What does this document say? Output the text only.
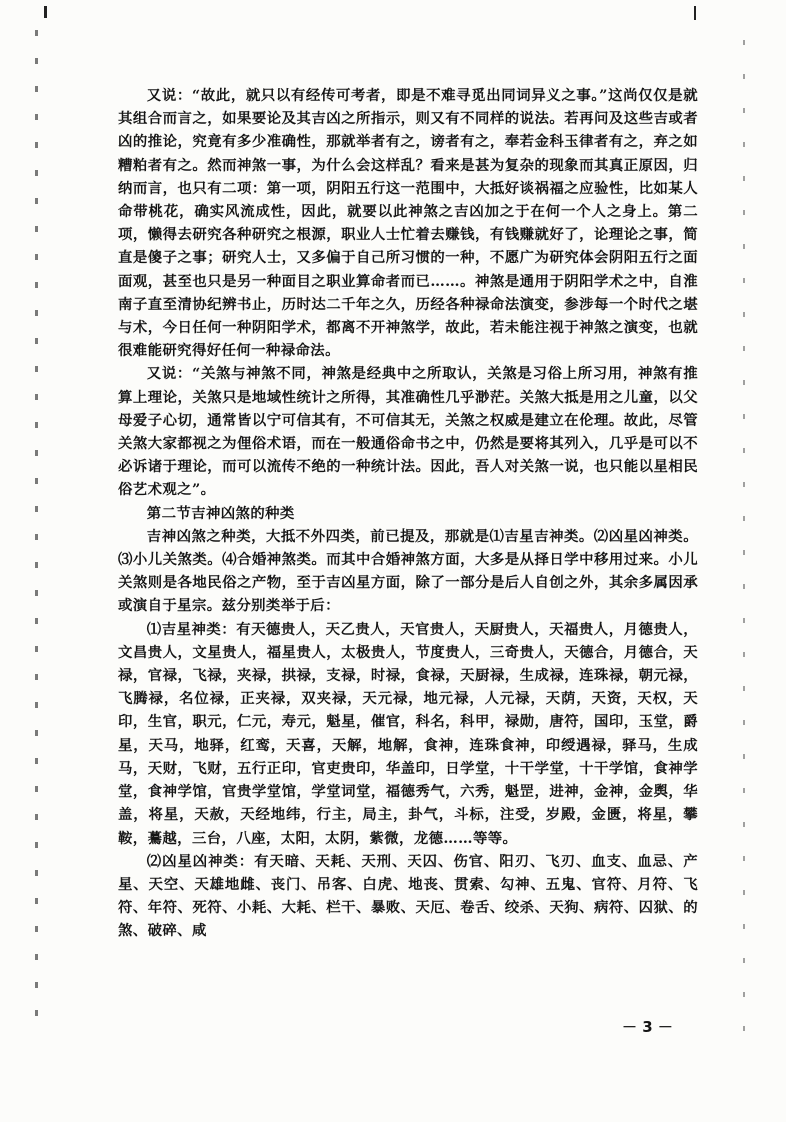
又说：“故此，就只以有经传可考者，即是不难寻觅出同词异义之事。”这尚仅仅是就其组合而言之，如果要论及其吉凶之所指示，则又有不同样的说法。若再问及这些吉或者凶的推论，究竟有多少准确性，那就举者有之，谤者有之，奉若金科玉律者有之，弃之如糟粕者有之。然而神煞一事，为什么会这样乱？看来是甚为复杂的现象而其真正原因，归纳而言，也只有二项：第一项，阴阳五行这一范围中，大抵好谈祸福之应验性，比如某人命带桃花，确实风流成性，因此，就要以此神煞之吉凶加之于在何一个人之身上。第二项，懒得去研究各种研究之根源，职业人士忙着去赚钱，有钱赚就好了，论理论之事，简直是傻子之事；研究人士，又多偏于自己所习惯的一种，不愿广为研究体会阴阳五行之面面观，甚至也只是另一种面目之职业算命者而已……。神煞是通用于阴阳学术之中，自淮南子直至清协纪辨书止，历时达二千年之久，历经各种禄命法演变，参涉每一个时代之堪与术，今日任何一种阴阳学术，都离不开神煞学，故此，若未能注视于神煞之演变，也就很难能研究得好任何一种禄命法。

又说：“关煞与神煞不同，神煞是经典中之所取认，关煞是习俗上所习用，神煞有推算上理论，关煞只是地域性统计之所得，其准确性几乎渺茫。关煞大抵是用之儿童，以父母爱子心切，通常皆以宁可信其有，不可信其无，关煞之权威是建立在伦理。故此，尽管关煞大家都视之为俚俗术语，而在一般通俗命书之中，仍然是要将其列入，几乎是可以不必诉诸于理论，而可以流传不绝的一种统计法。因此，吾人对关煞一说，也只能以星相民俗艺术观之”。

第二节吉神凶煞的种类

吉神凶煞之种类，大抵不外四类，前已提及，那就是⑴吉星吉神类。⑵凶星凶神类。⑶小儿关煞类。⑷合婚神煞类。而其中合婚神煞方面，大多是从择日学中移用过来。小儿关煞则是各地民俗之产物，至于吉凶星方面，除了一部分是后人自创之外，其余多属因承或演自于星宗。兹分别类举于后：

⑴吉星神类：有天德贵人，天乙贵人，天官贵人，天厨贵人，天福贵人，月德贵人，文昌贵人，文星贵人，福星贵人，太极贵人，节度贵人，三奇贵人，天德合，月德合，天禄，官禄，飞禄，夹禄，拱禄，支禄，时禄，食禄，天厨禄，生成禄，连珠禄，朝元禄，飞腾禄，名位禄，正夹禄，双夹禄，天元禄，地元禄，人元禄，天荫，天资，天权，天印，生官，职元，仁元，寿元，魁星，催官，科名，科甲，禄勋，唐符，国印，玉堂，爵星，天马，地驿，红鸾，天喜，天解，地解，食神，连珠食神，印绶遇禄，驿马，生成马，天财，飞财，五行正印，官吏贵印，华盖印，日学堂，十干学堂，十干学馆，食神学堂，食神学馆，官贵学堂馆，学堂词堂，福德秀气，六秀，魁罡，进神，金神，金舆，华盖，将星，天赦，天经地纬，行主，局主，卦气，斗标，注受，岁殿，金匮，将星，攀鞍，驀越，三台，八座，太阳，太阴，紫微，龙德……等等。

⑵凶星凶神类：有天暗、天耗、天刑、天囚、伤官、阳刃、飞刃、血支、血忌、产星、天空、天雄地雌、丧门、吊客、白虎、地丧、贯索、勾神、五鬼、官符、月符、飞符、年符、死符、小耗、大耗、栏干、暴败、天厄、卷舌、绞杀、天狗、病符、囚狱、的煞、破碎、咸

－ 3 －
